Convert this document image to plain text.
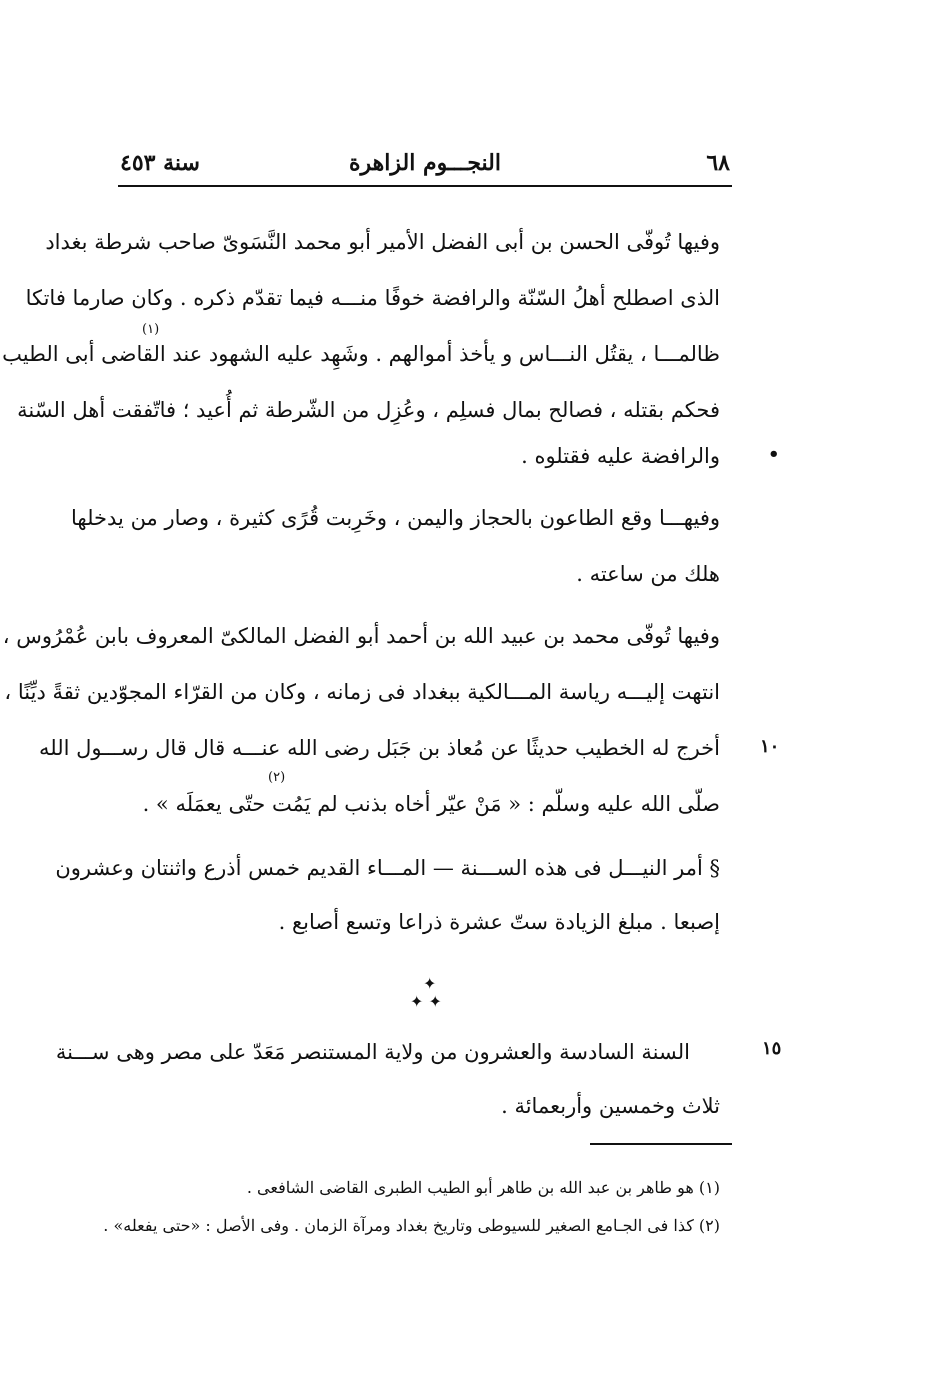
٦٨
النجـــوم الزاهرة
سنة ٤٥٣
وفيها تُوفّى الحسن بن أبى الفضل الأمير أبو محمد النَّسَوىّ صاحب شرطة بغداد
الذى اصطلح أهلُ السّنّة والرافضة خوفًا منـــه فيما تقدّم ذكره . وكان صارما فاتكا
(١)
ظالمـــا ، يقتُل النـــاس و يأخذ أموالهم . وشَهِد عليه الشهود عند القاضى أبى الطيب
فحكم بقتله ، فصالح بمال فسلِم ، وعُزِل من الشّرطة ثم أُعيد ؛ فاتّفقت أهل السّنة
والرافضة عليه فقتلوه .	•
وفيهـــا وقع الطاعون بالحجاز واليمن ، وخَرِبت قُرًى كثيرة ، وصار من يدخلها
هلك من ساعته .
وفيها تُوفّى محمد بن عبيد الله بن أحمد أبو الفضل المالكىّ المعروف بابن عُمْرُوس ،
انتهت إليـــه رياسة المـــالكية ببغداد فى زمانه ، وكان من القرّاء المجوّدين ثقةً ديِّنًا ،
أخرج له الخطيب حديثًا عن مُعاذ بن جَبَل رضى الله عنـــه قال قال رســـول الله ١٠
(٢)
صلّى الله عليه وسلّم : « مَنْ عيّر أخاه بذنب لم يَمُت حتّى يعمَلَه » .
§ أمر النيـــل فى هذه الســـنة — المـــاء القديم خمس أذرع واثنتان وعشرون
إصبعا . مبلغ الزيادة ستّ عشرة ذراعا وتسع أصابع .
✦
✦ ✦
السنة السادسة والعشرون من ولاية المستنصر مَعَدّ على مصر وهى ســـنة	١٥
ثلاث وخمسين وأربعمائة .
(١) هو طاهر بن عبد الله بن طاهر أبو الطيب الطبرى القاضى الشافعى .
(٢) كذا فى الجـامع الصغير للسيوطى وتاريخ بغداد ومرآة الزمان . وفى الأصل : «حتى يفعله» .
